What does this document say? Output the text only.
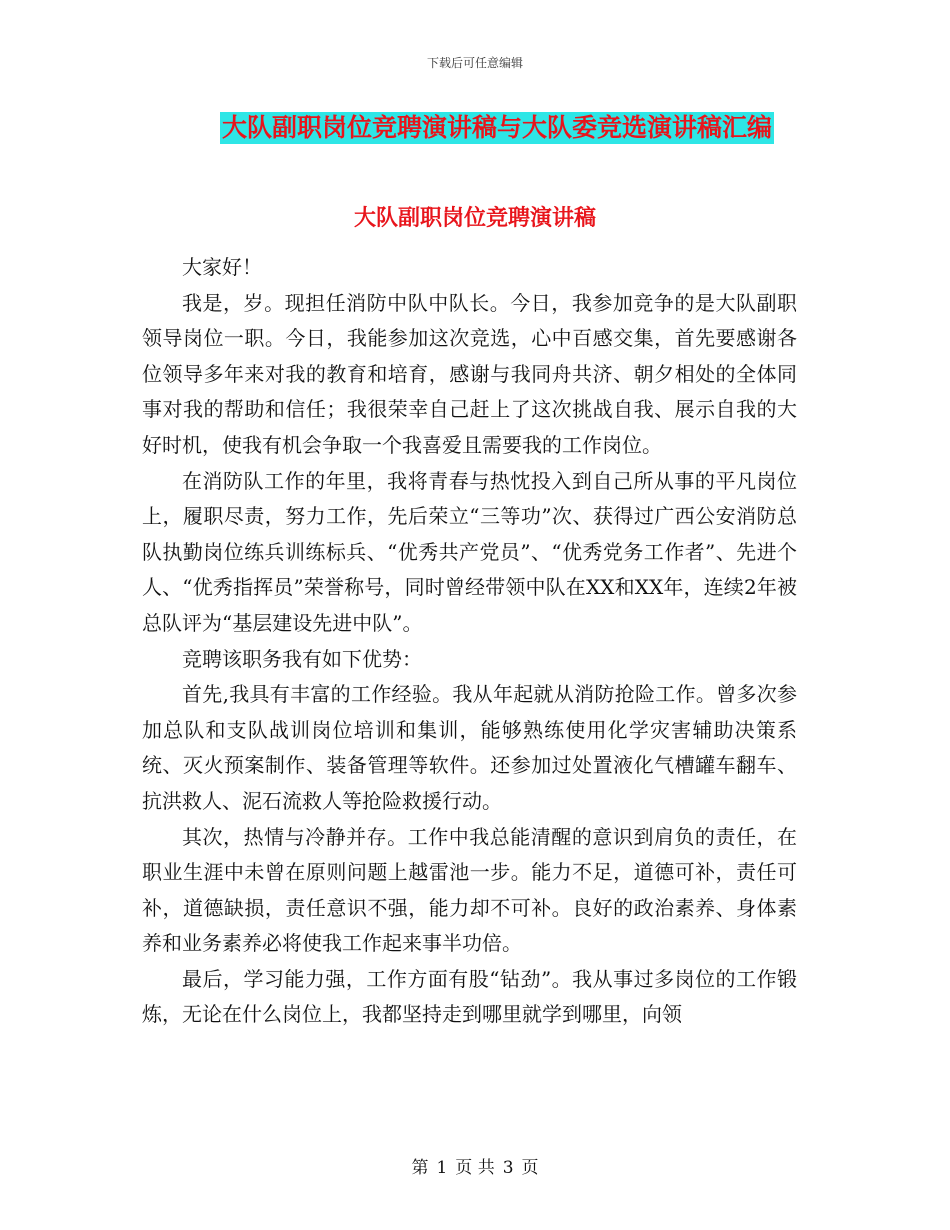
下载后可任意编辑
大队副职岗位竞聘演讲稿与大队委竞选演讲稿汇编
大队副职岗位竞聘演讲稿

大家好！

我是，岁。现担任消防中队中队长。今日，我参加竞争的是大队副职领导岗位一职。今日，我能参加这次竞选，心中百感交集，首先要感谢各位领导多年来对我的教育和培育，感谢与我同舟共济、朝夕相处的全体同事对我的帮助和信任；我很荣幸自己赶上了这次挑战自我、展示自我的大好时机，使我有机会争取一个我喜爱且需要我的工作岗位。

在消防队工作的年里，我将青春与热忱投入到自己所从事的平凡岗位上，履职尽责，努力工作，先后荣立“三等功”次、获得过广西公安消防总队执勤岗位练兵训练标兵、“优秀共产党员”、“优秀党务工作者”、先进个人、“优秀指挥员”荣誉称号，同时曾经带领中队在XX和XX年，连续2年被总队评为“基层建设先进中队”。

竞聘该职务我有如下优势：

首先,我具有丰富的工作经验。我从年起就从消防抢险工作。曾多次参加总队和支队战训岗位培训和集训，能够熟练使用化学灾害辅助决策系统、灭火预案制作、装备管理等软件。还参加过处置液化气槽罐车翻车、抗洪救人、泥石流救人等抢险救援行动。

其次，热情与冷静并存。工作中我总能清醒的意识到肩负的责任，在职业生涯中未曾在原则问题上越雷池一步。能力不足，道德可补，责任可补，道德缺损，责任意识不强，能力却不可补。良好的政治素养、身体素养和业务素养必将使我工作起来事半功倍。

最后，学习能力强，工作方面有股“钻劲”。我从事过多岗位的工作锻炼，无论在什么岗位上，我都坚持走到哪里就学到哪里，向领

第 1 页 共 3 页
